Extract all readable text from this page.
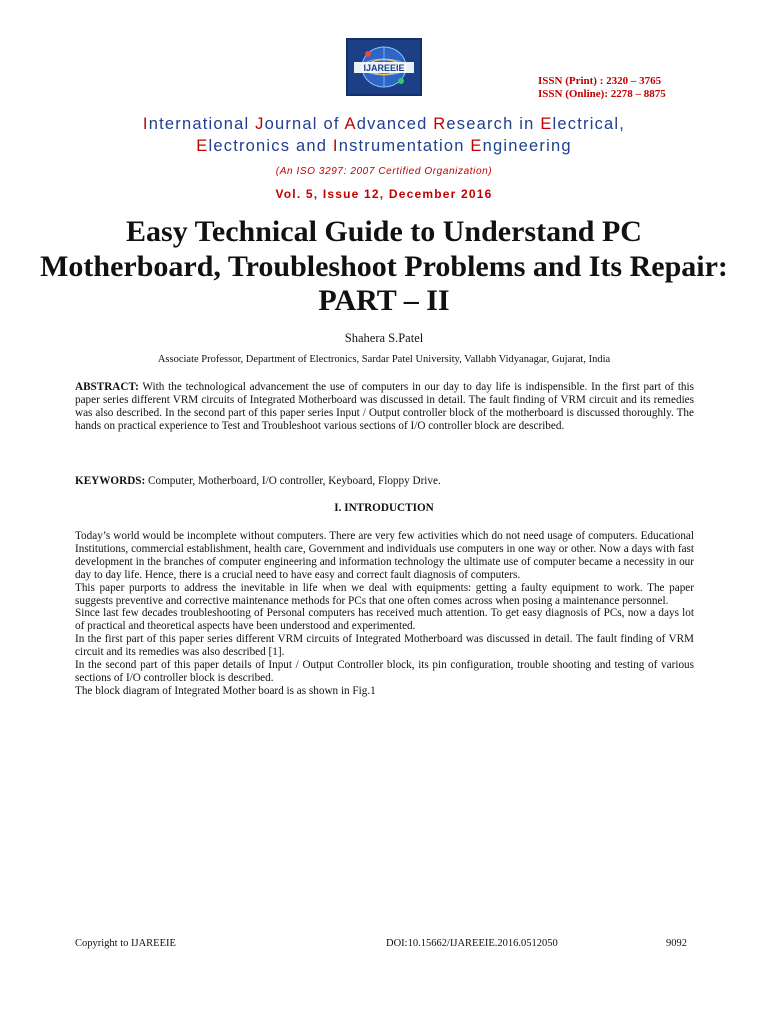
IJAREEIE
ISSN (Print) : 2320 – 3765
ISSN (Online): 2278 – 8875
International Journal of Advanced Research in Electrical,
Electronics and Instrumentation Engineering
(An ISO 3297: 2007 Certified Organization)
Vol. 5, Issue 12, December 2016
Easy Technical Guide to Understand PC Motherboard, Troubleshoot Problems and Its Repair: PART – II
Shahera S.Patel
Associate Professor, Department of Electronics, Sardar Patel University, Vallabh Vidyanagar, Gujarat, India
ABSTRACT: With the technological advancement the use of computers in our day to day life is indispensible. In the first part of this paper series different VRM circuits of Integrated Motherboard was discussed in detail. The fault finding of VRM circuit and its remedies was also described. In the second part of this paper series Input / Output controller block of the motherboard is discussed thoroughly. The hands on practical experience to Test and Troubleshoot various sections of I/O controller block are described.
KEYWORDS: Computer, Motherboard, I/O controller, Keyboard, Floppy Drive.
I. INTRODUCTION

Today’s world would be incomplete without computers. There are very few activities which do not need usage of computers. Educational Institutions, commercial establishment, health care, Government and individuals use computers in one way or other. Now a days with fast development in the branches of computer engineering and information technology the ultimate use of computer became a necessity in our day to day life. Hence, there is a crucial need to have easy and correct fault diagnosis of computers.

This paper purports to address the inevitable in life when we deal with equipments: getting a faulty equipment to work. The paper suggests preventive and corrective maintenance methods for PCs that one often comes across when posing a maintenance personnel.

Since last few decades troubleshooting of Personal computers has received much attention. To get easy diagnosis of PCs, now a days lot of practical and theoretical aspects have been understood and experimented.

In the first part of this paper series different VRM circuits of Integrated Motherboard was discussed in detail. The fault finding of VRM circuit and its remedies was also described [1].

In the second part of this paper details of Input / Output Controller block, its pin configuration, trouble shooting and testing of various sections of I/O controller block is described.

The block diagram of Integrated Mother board is as shown in Fig.1

Copyright to IJAREEIE	DOI:10.15662/IJAREEIE.2016.0512050	9092
